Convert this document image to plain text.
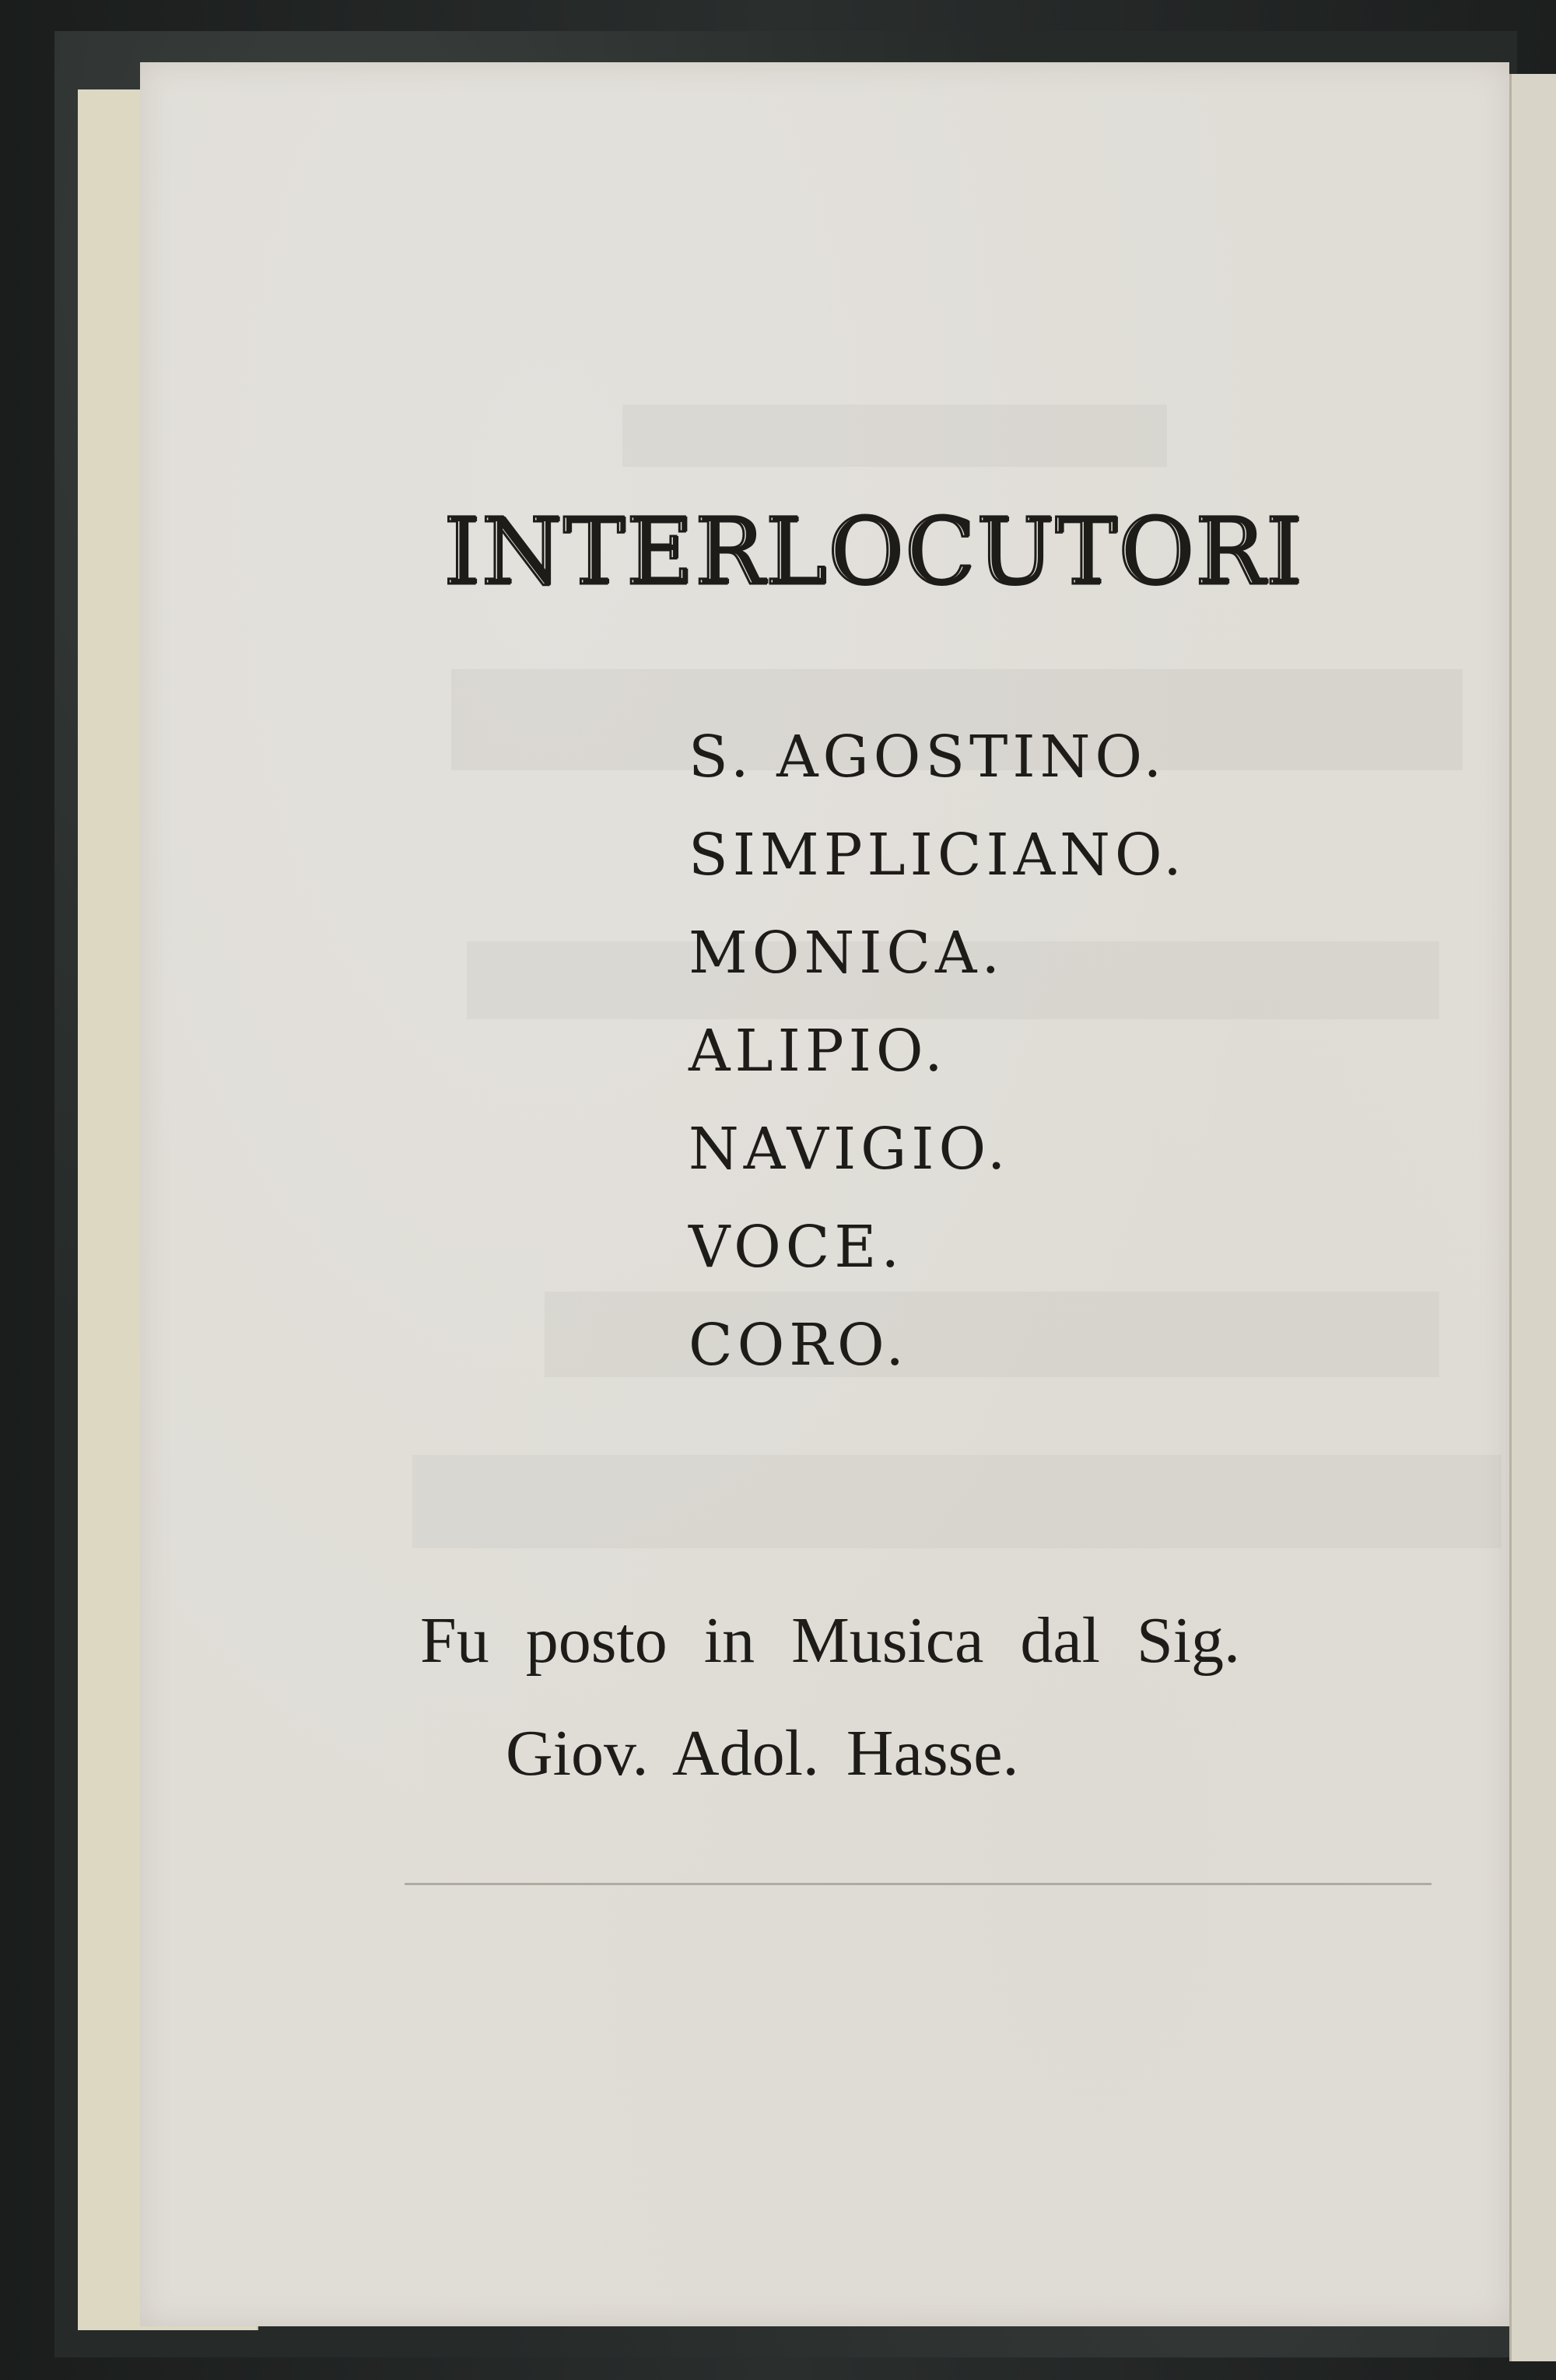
INTERLOCUTORI
S. AGOSTINO.
SIMPLICIANO.
MONICA.
ALIPIO.
NAVIGIO.
VOCE.
CORO.

Fu posto in Musica dal Sig.

Giov. Adol. Hasse.
